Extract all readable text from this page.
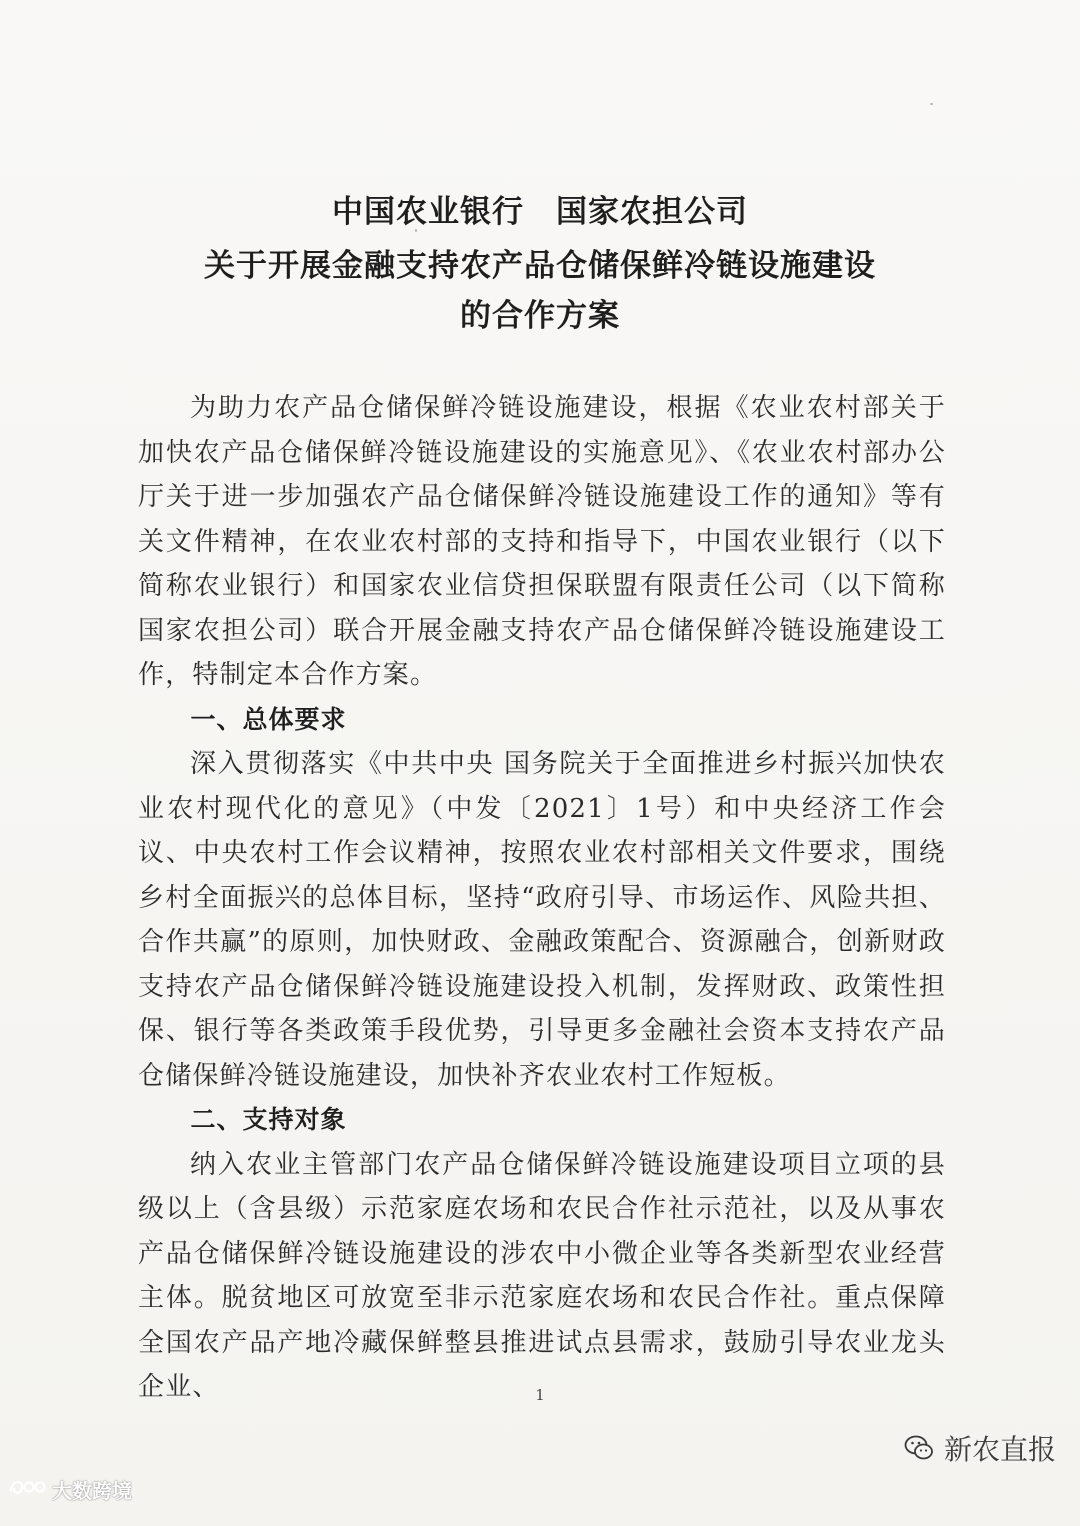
中国农业银行　国家农担公司
关于开展金融支持农产品仓储保鲜冷链设施建设
的合作方案

为助力农产品仓储保鲜冷链设施建设，根据《农业农村部关于加快农产品仓储保鲜冷链设施建设的实施意见》、《农业农村部办公厅关于进一步加强农产品仓储保鲜冷链设施建设工作的通知》等有关文件精神，在农业农村部的支持和指导下，中国农业银行（以下简称农业银行）和国家农业信贷担保联盟有限责任公司（以下简称国家农担公司）联合开展金融支持农产品仓储保鲜冷链设施建设工作，特制定本合作方案。

一、总体要求

深入贯彻落实《中共中央 国务院关于全面推进乡村振兴加快农业农村现代化的意见》（中发〔2021〕1号）和中央经济工作会议、中央农村工作会议精神，按照农业农村部相关文件要求，围绕乡村全面振兴的总体目标，坚持“政府引导、市场运作、风险共担、合作共赢”的原则，加快财政、金融政策配合、资源融合，创新财政支持农产品仓储保鲜冷链设施建设投入机制，发挥财政、政策性担保、银行等各类政策手段优势，引导更多金融社会资本支持农产品仓储保鲜冷链设施建设，加快补齐农业农村工作短板。

二、支持对象

纳入农业主管部门农产品仓储保鲜冷链设施建设项目立项的县级以上（含县级）示范家庭农场和农民合作社示范社，以及从事农产品仓储保鲜冷链设施建设的涉农中小微企业等各类新型农业经营主体。脱贫地区可放宽至非示范家庭农场和农民合作社。重点保障全国农产品产地冷藏保鲜整县推进试点县需求，鼓励引导农业龙头企业、	1
新农直报
大数跨境
